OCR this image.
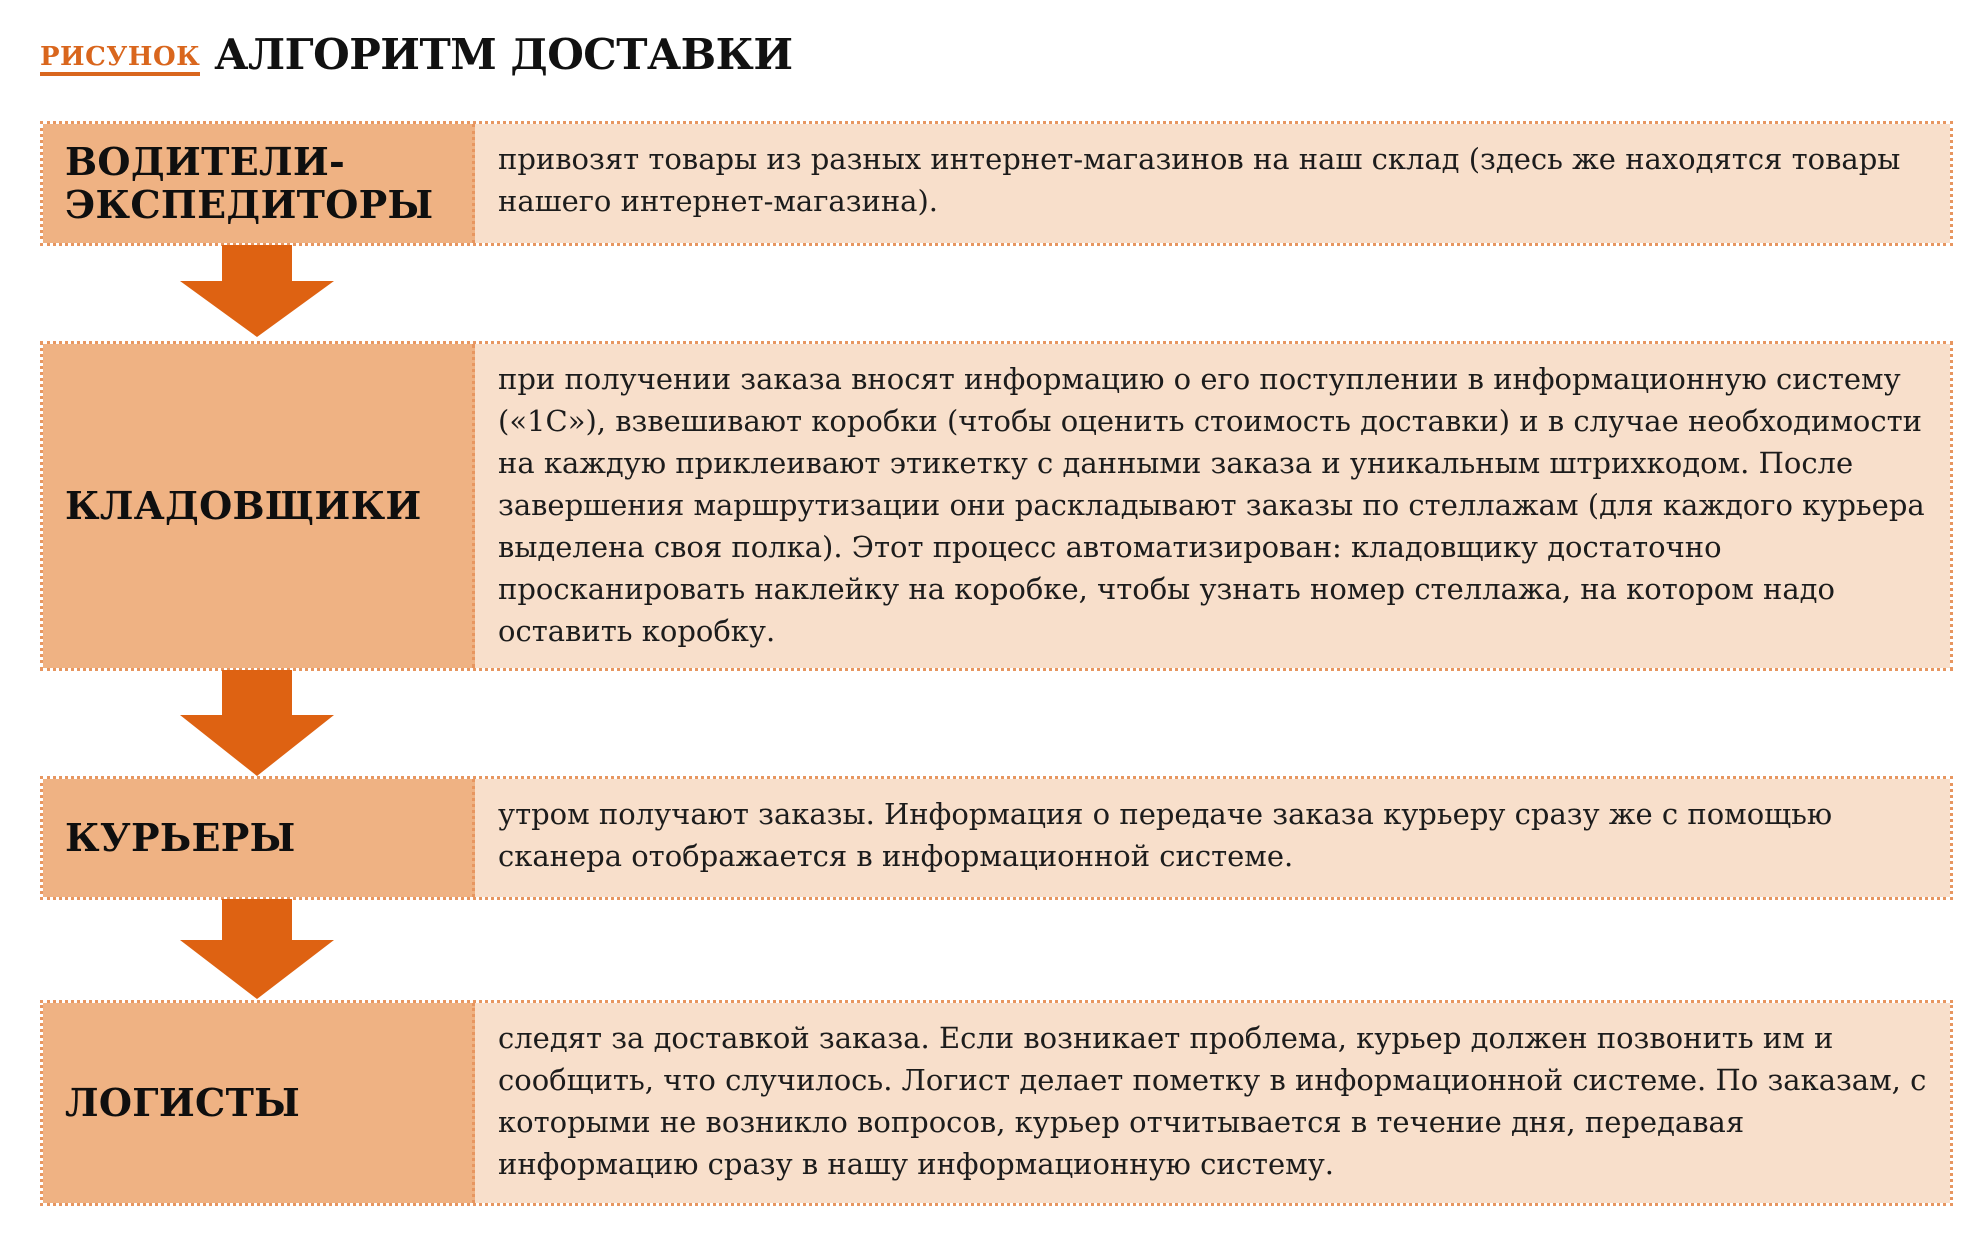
РИСУНОК АЛГОРИТМ ДОСТАВКИ
ВОДИТЕЛИ-
ЭКСПЕДИТОРЫ

привозят товары из разных интернет-магазинов на наш склад (здесь же находятся товары нашего интернет-магазина).

КЛАДОВЩИКИ

при получении заказа вносят информацию о его поступлении в информационную систему («1С»), взвешивают коробки (чтобы оценить стоимость доставки) и в случае необходимости на каждую приклеивают этикетку с данными заказа и уникальным штрихкодом. После завершения маршрутизации они раскладывают заказы по стеллажам (для каждого курьера выделена своя полка). Этот процесс автоматизирован: кладовщику достаточно просканировать наклейку на коробке, чтобы узнать номер стеллажа, на котором надо оставить коробку.

КУРЬЕРЫ

утром получают заказы. Информация о передаче заказа курьеру сразу же с помощью сканера отображается в информационной системе.

ЛОГИСТЫ

следят за доставкой заказа. Если возникает проблема, курьер должен позвонить им и сообщить, что случилось. Логист делает пометку в информационной системе. По заказам, с которыми не возникло вопросов, курьер отчитывается в течение дня, передавая информацию сразу в нашу информационную систему.
